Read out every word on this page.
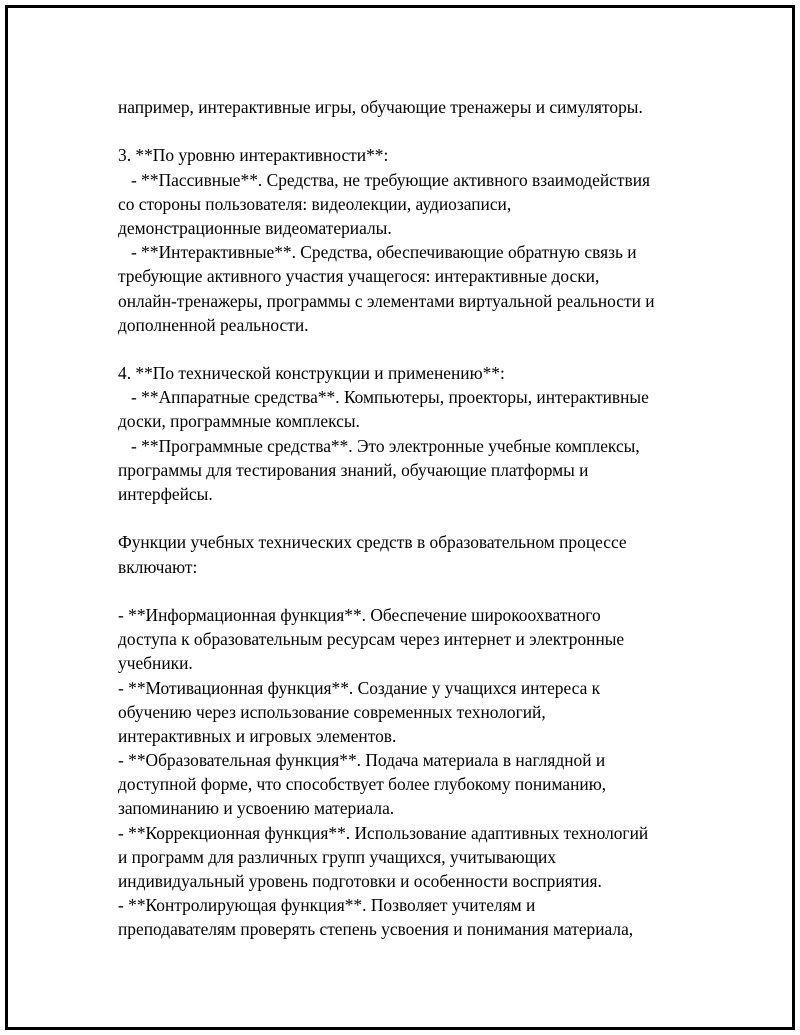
например, интерактивные игры, обучающие тренажеры и симуляторы.
3. **По уровню интерактивности**:
- **Пассивные**. Средства, не требующие активного взаимодействия
со стороны пользователя: видеолекции, аудиозаписи,
демонстрационные видеоматериалы.
- **Интерактивные**. Средства, обеспечивающие обратную связь и
требующие активного участия учащегося: интерактивные доски,
онлайн-тренажеры, программы с элементами виртуальной реальности и
дополненной реальности.
4. **По технической конструкции и применению**:
- **Аппаратные средства**. Компьютеры, проекторы, интерактивные
доски, программные комплексы.
- **Программные средства**. Это электронные учебные комплексы,
программы для тестирования знаний, обучающие платформы и
интерфейсы.
Функции учебных технических средств в образовательном процессе
включают:
- **Информационная функция**. Обеспечение широкоохватного
доступа к образовательным ресурсам через интернет и электронные
учебники.
- **Мотивационная функция**. Создание у учащихся интереса к
обучению через использование современных технологий,
интерактивных и игровых элементов.
- **Образовательная функция**. Подача материала в наглядной и
доступной форме, что способствует более глубокому пониманию,
запоминанию и усвоению материала.
- **Коррекционная функция**. Использование адаптивных технологий
и программ для различных групп учащихся, учитывающих
индивидуальный уровень подготовки и особенности восприятия.
- **Контролирующая функция**. Позволяет учителям и
преподавателям проверять степень усвоения и понимания материала,
